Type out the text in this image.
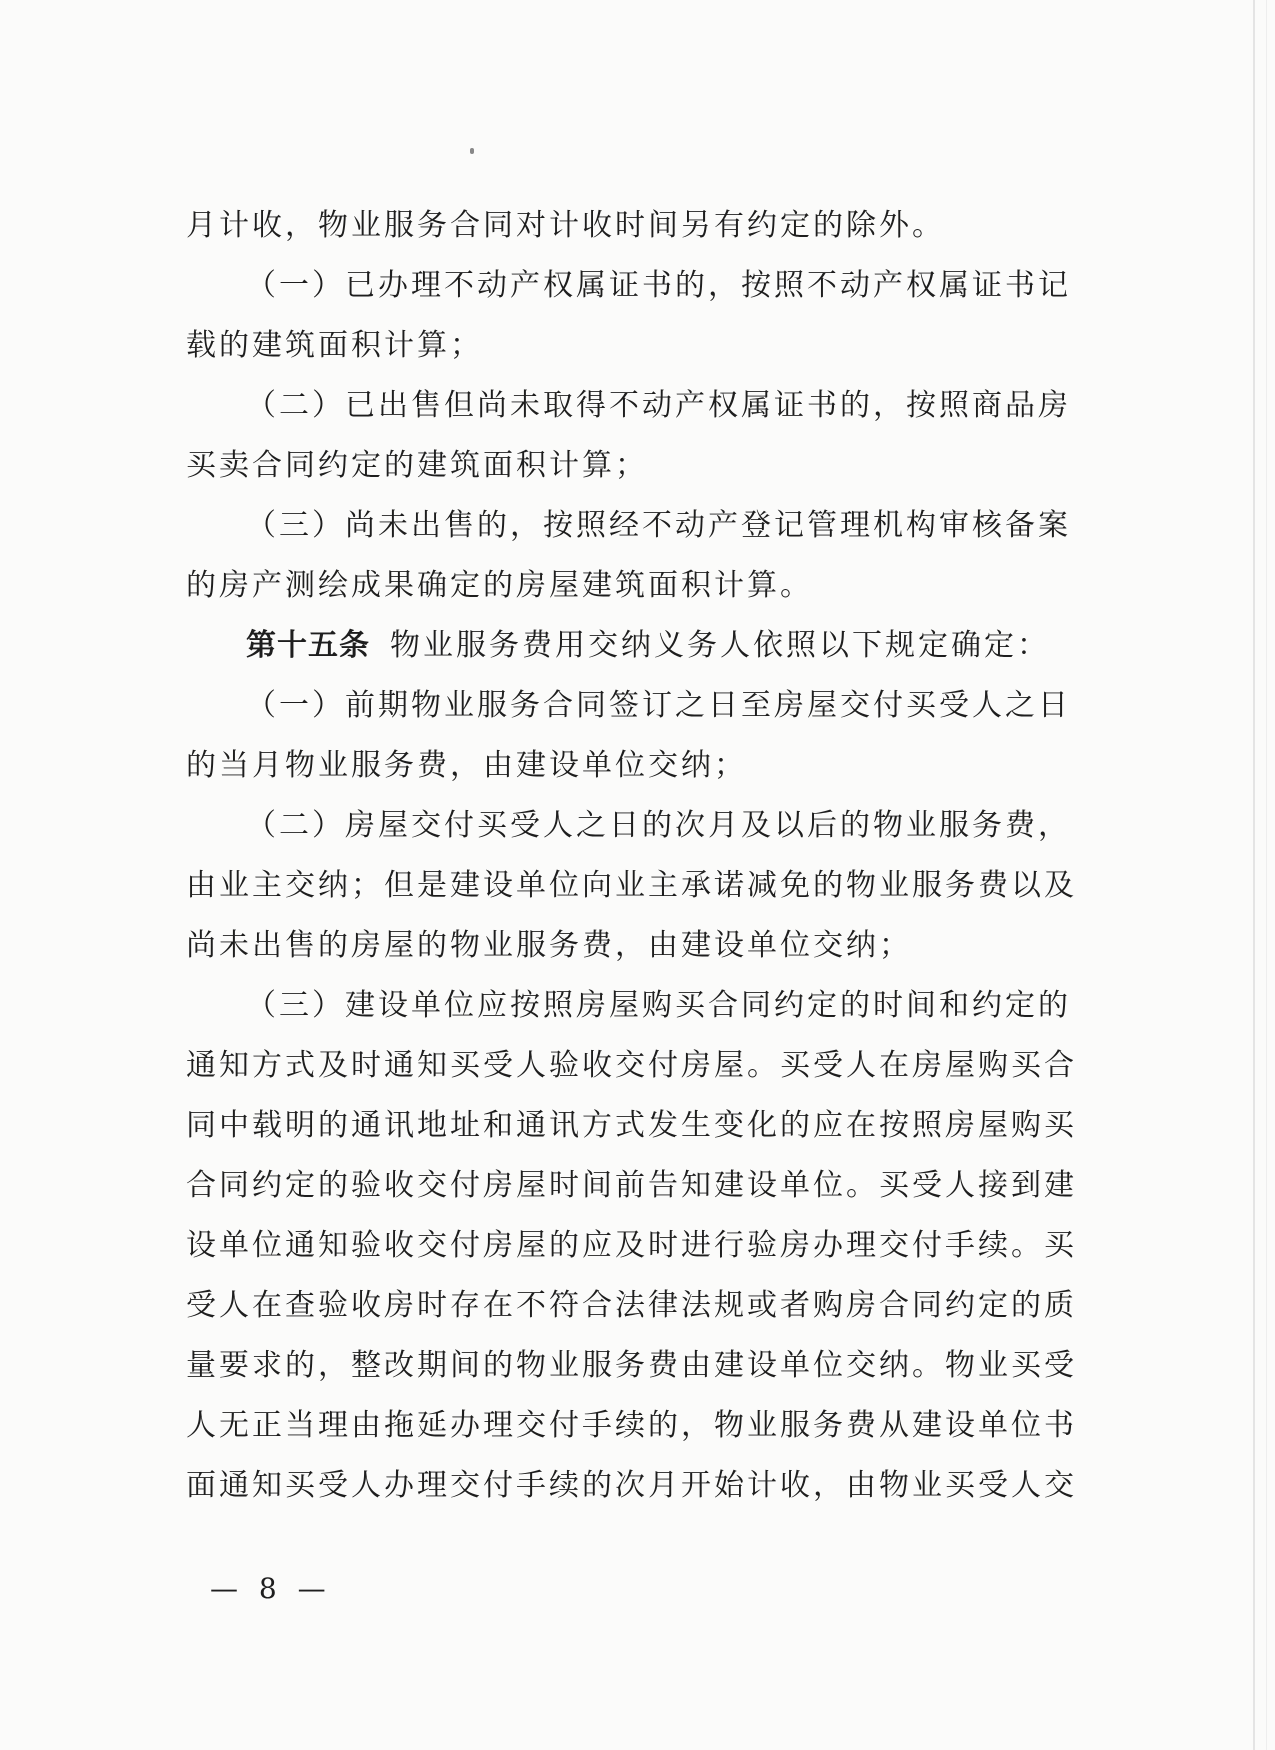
月计收，物业服务合同对计收时间另有约定的除外。
（一）已办理不动产权属证书的，按照不动产权属证书记
载的建筑面积计算；
（二）已出售但尚未取得不动产权属证书的，按照商品房
买卖合同约定的建筑面积计算；
（三）尚未出售的，按照经不动产登记管理机构审核备案
的房产测绘成果确定的房屋建筑面积计算。
第十五条 物业服务费用交纳义务人依照以下规定确定：
（一）前期物业服务合同签订之日至房屋交付买受人之日
的当月物业服务费，由建设单位交纳；
（二）房屋交付买受人之日的次月及以后的物业服务费，
由业主交纳；但是建设单位向业主承诺减免的物业服务费以及
尚未出售的房屋的物业服务费，由建设单位交纳；
（三）建设单位应按照房屋购买合同约定的时间和约定的
通知方式及时通知买受人验收交付房屋。买受人在房屋购买合
同中载明的通讯地址和通讯方式发生变化的应在按照房屋购买
合同约定的验收交付房屋时间前告知建设单位。买受人接到建
设单位通知验收交付房屋的应及时进行验房办理交付手续。买
受人在查验收房时存在不符合法律法规或者购房合同约定的质
量要求的，整改期间的物业服务费由建设单位交纳。物业买受
人无正当理由拖延办理交付手续的，物业服务费从建设单位书
面通知买受人办理交付手续的次月开始计收，由物业买受人交
— 8 —
